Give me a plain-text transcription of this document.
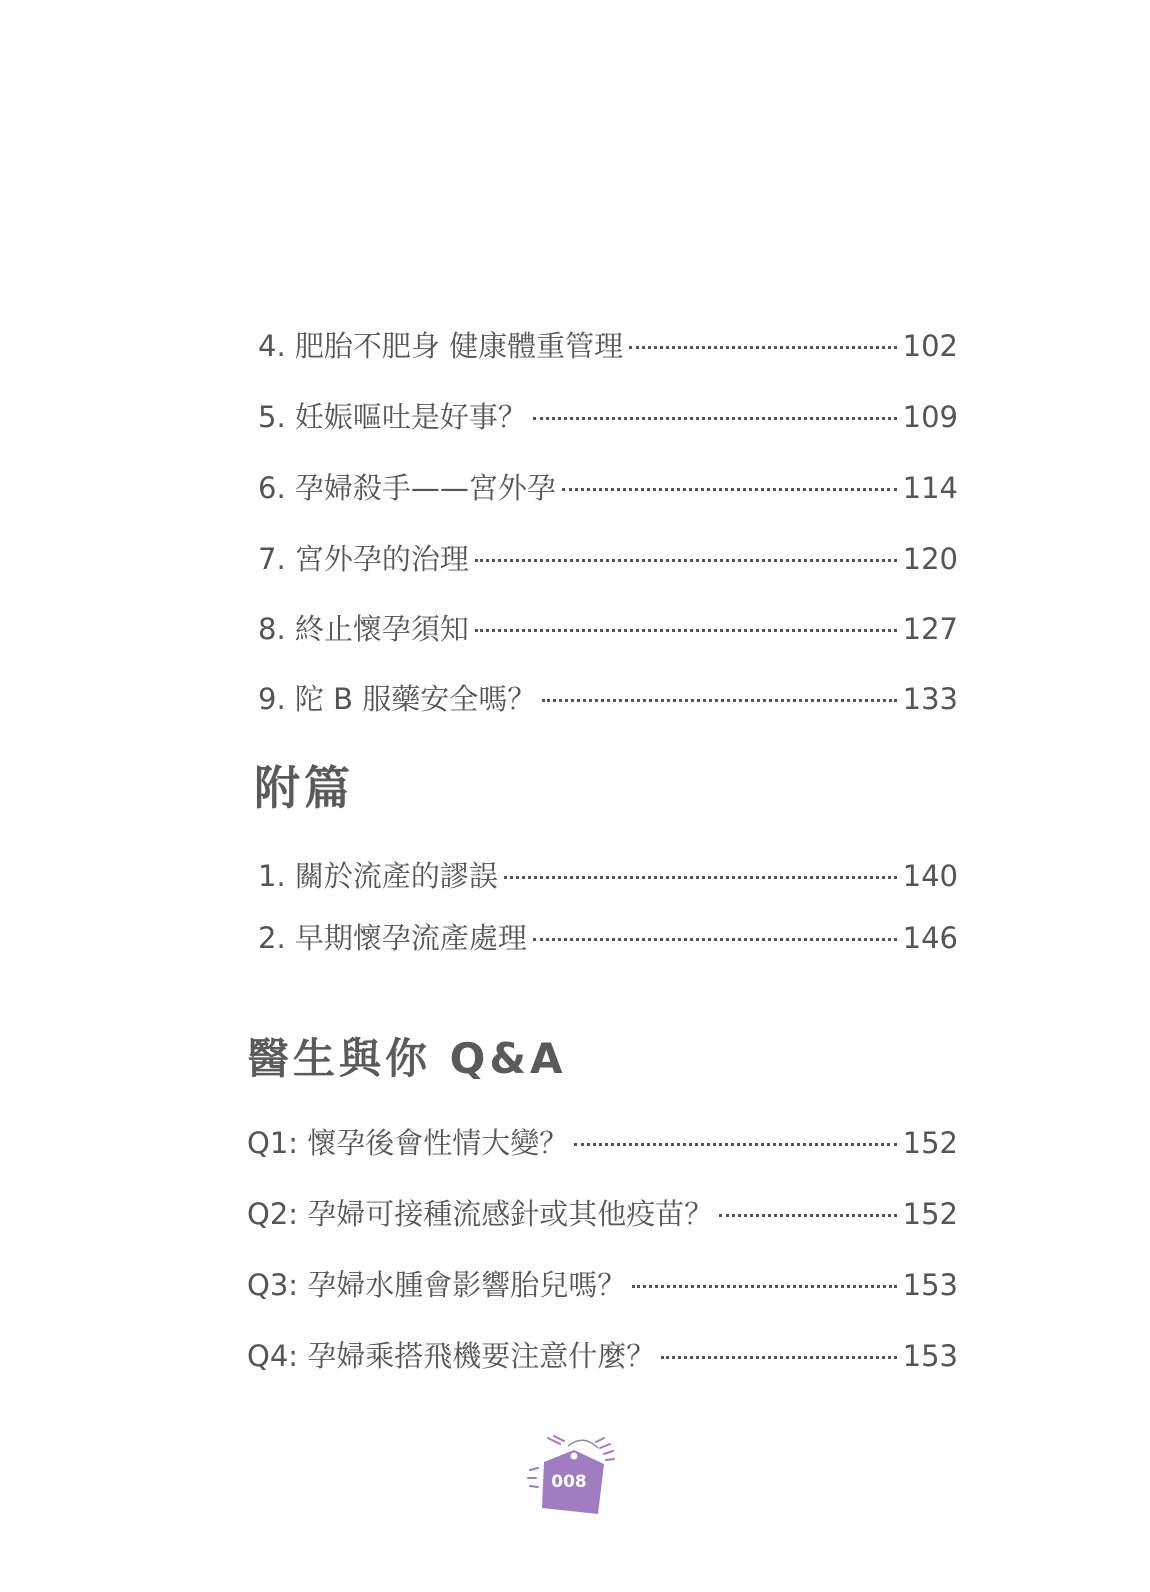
4. 肥胎不肥身 健康體重管理	102
5. 妊娠嘔吐是好事？	109
6. 孕婦殺手——宮外孕	114
7. 宮外孕的治理	120
8. 終止懷孕須知	127
9. 陀 B 服藥安全嗎？	133
附篇
1. 關於流產的謬誤	140
2. 早期懷孕流產處理	146
醫生與你 Q&A
Q1: 懷孕後會性情大變？	152
Q2: 孕婦可接種流感針或其他疫苗？	152
Q3: 孕婦水腫會影響胎兒嗎？	153
Q4: 孕婦乘搭飛機要注意什麼？	153
008
